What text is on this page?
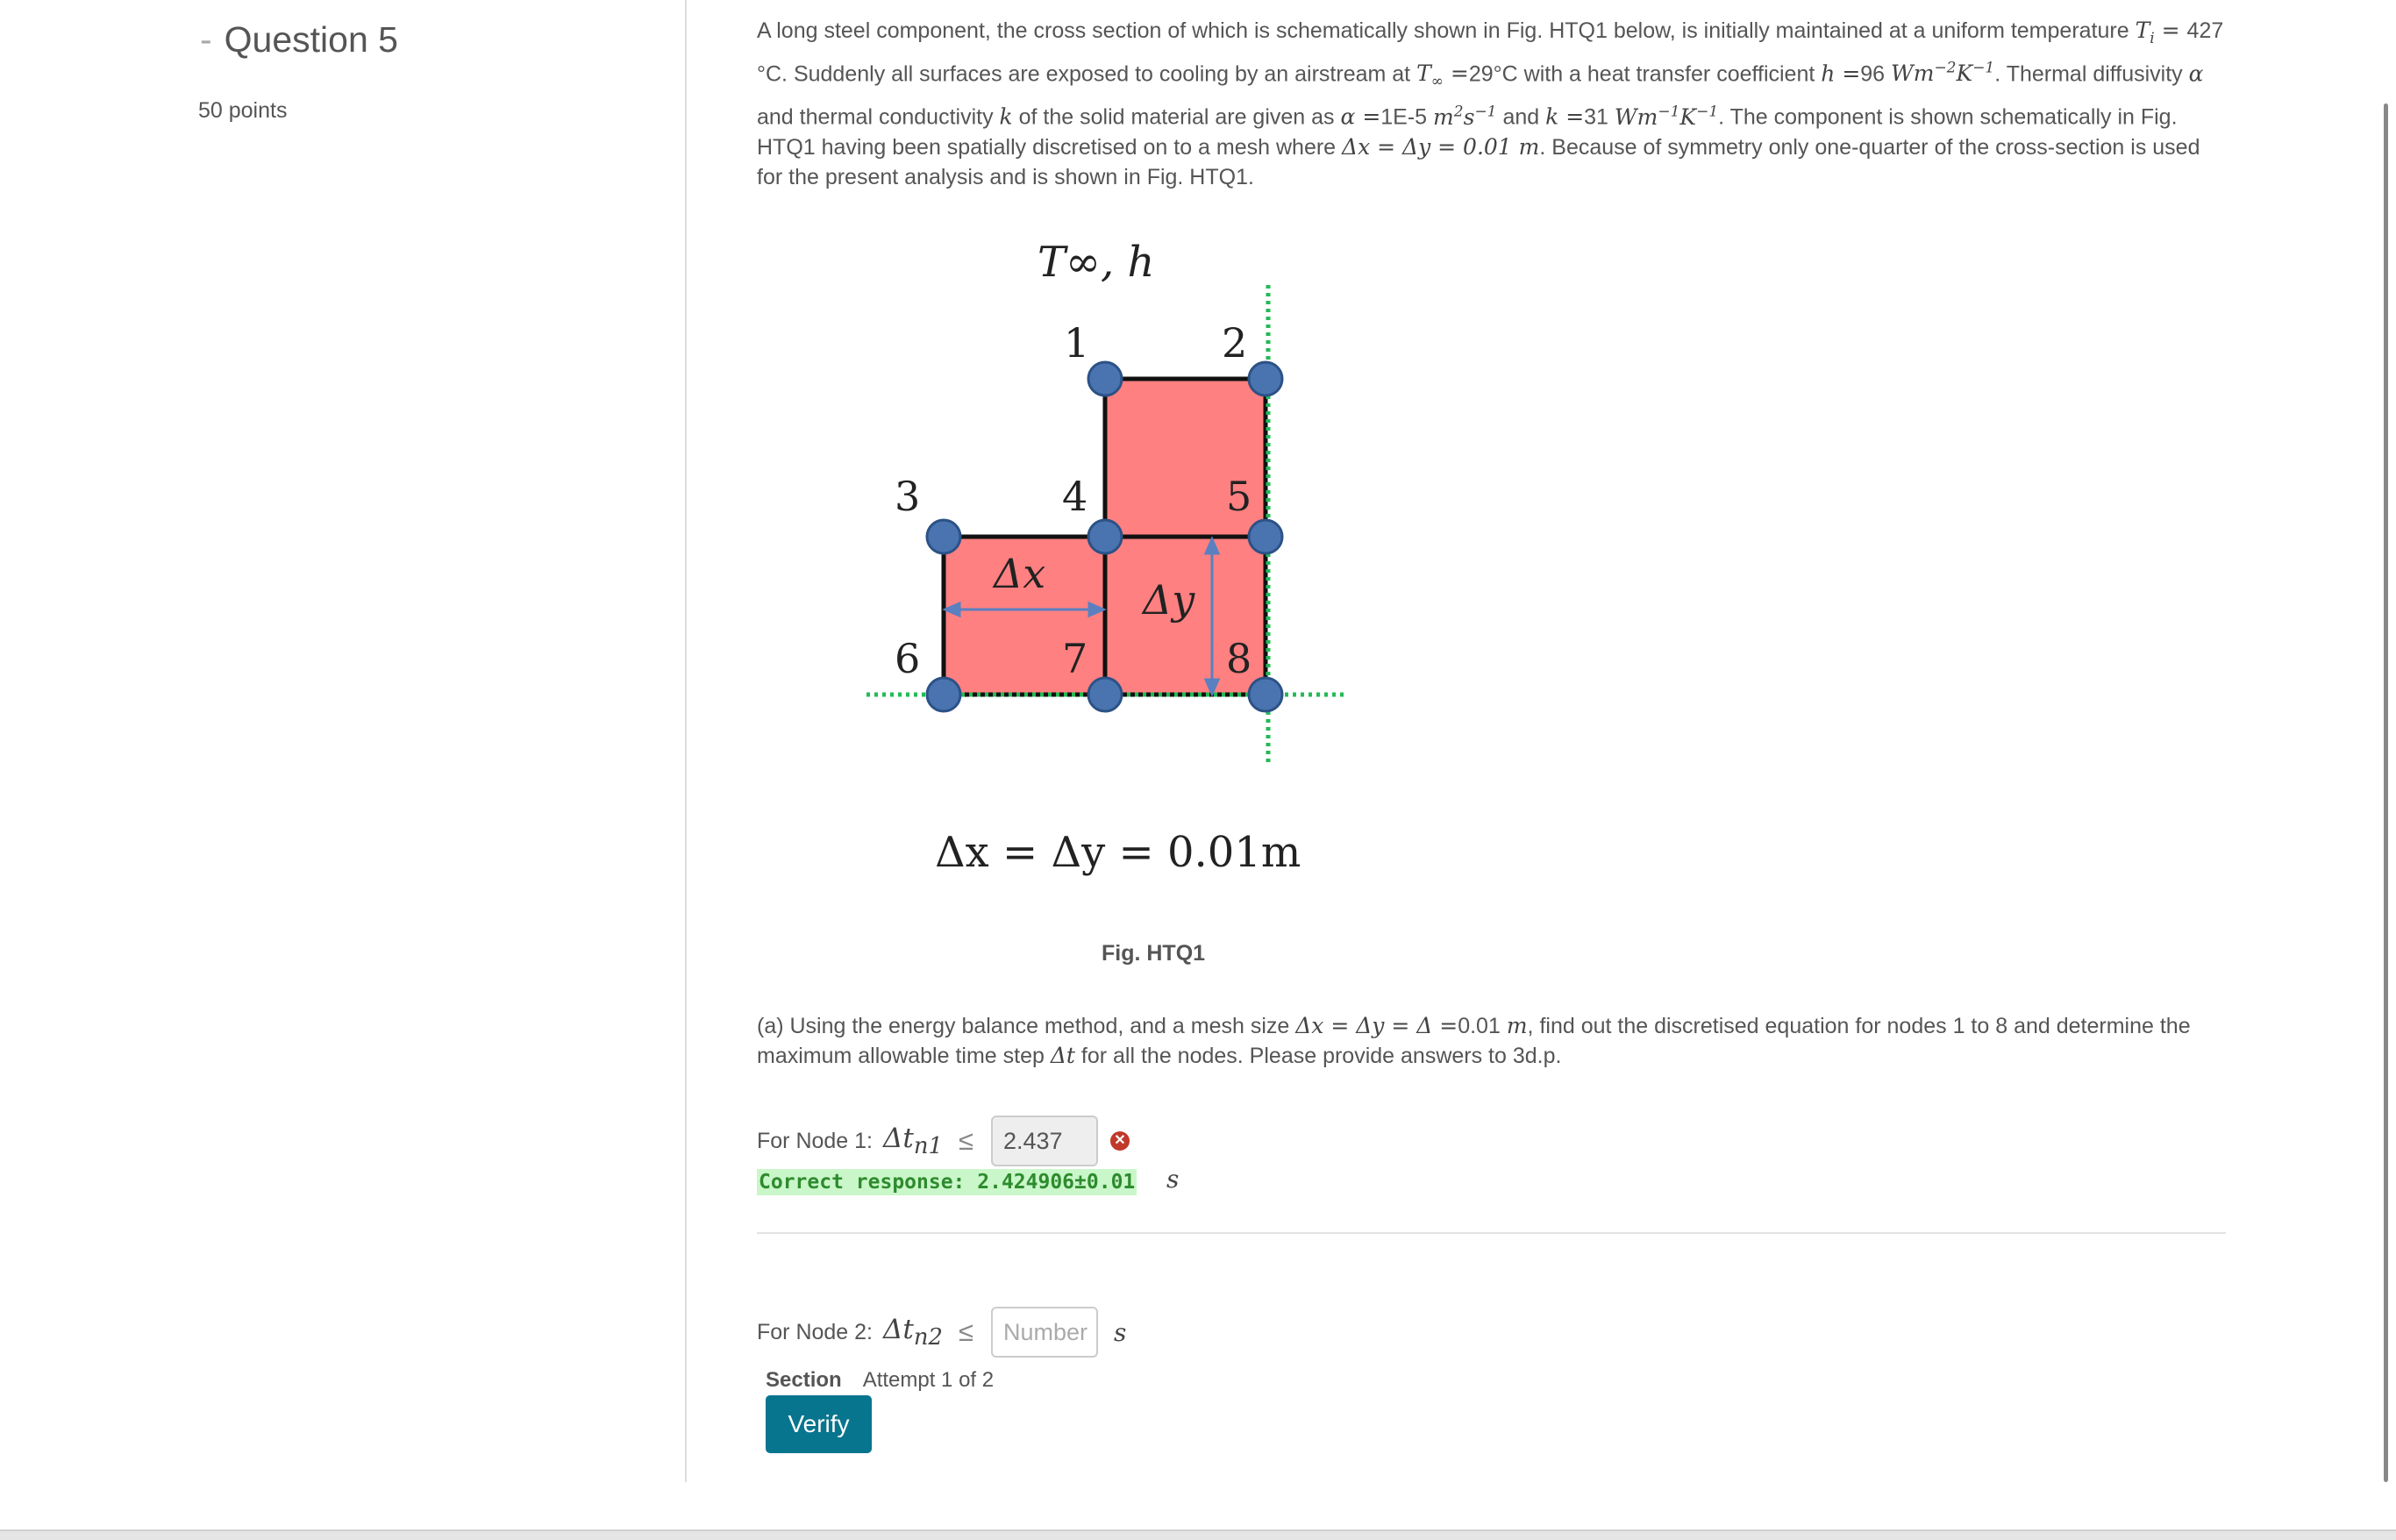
- Question 5
50 points
A long steel component, the cross section of which is schematically shown in Fig. HTQ1 below, is initially maintained at a uniform temperature $T_i = 427$ °C. Suddenly all surfaces are exposed to cooling by an airstream at $T_\infty =29^\circ C$ with a heat transfer coefficient h =96 $Wm^{-2}K^{-1}$. Thermal diffusivity α and thermal conductivity k of the solid material are given as α =1E-5 $m^2s^{-1}$ and k =31 $Wm^{-1}K^{-1}$. The component is shown schematically in Fig. HTQ1 having been spatially discretised on to a mesh where Δx = Δy = 0.01 m. Because of symmetry only one-quarter of the cross-section is used for the present analysis and is shown in Fig. HTQ1.
T∞, h
Δx
Δy
1	2
3	4	5
6	7	8
Δx = Δy = 0.01m
Fig. HTQ1
(a) Using the energy balance method, and a mesh size Δx = Δy = Δ =0.01 m, find out the discretised equation for nodes 1 to 8 and determine the maximum allowable time step Δt for all the nodes. Please provide answers to 3d.p.
For Node 1: $\Delta t_{n1}$ ≤	2.437	✕
Correct response: 2.424906±0.01 s
For Node 2: $\Delta t_{n2}$ ≤	Number	s
Section Attempt 1 of 2
Verify
